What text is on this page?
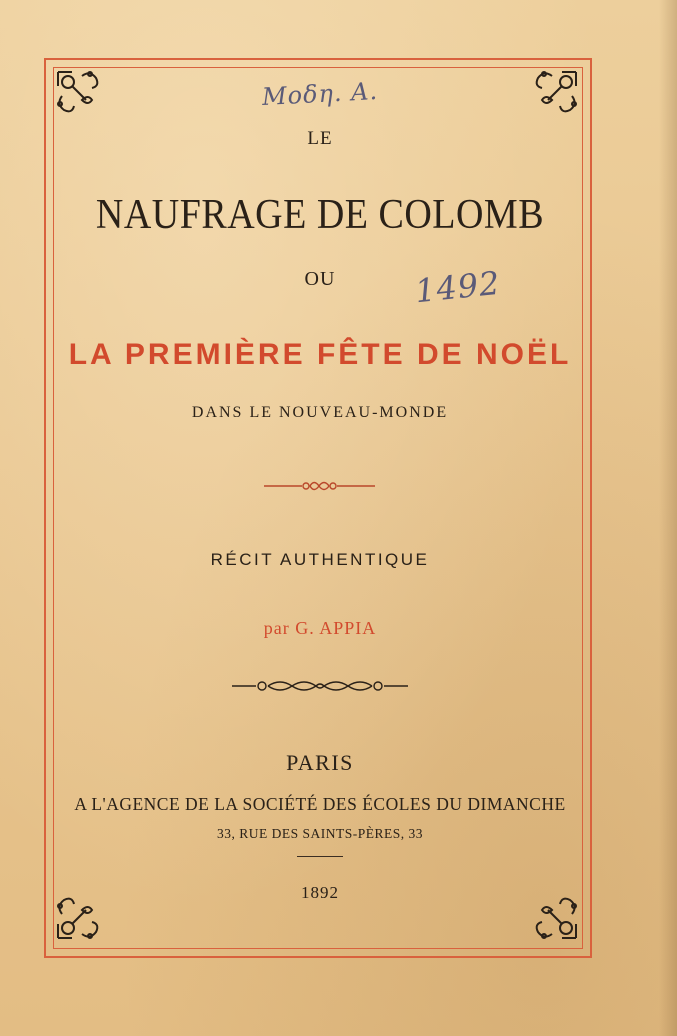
Μοδη. A.
1492
LE
NAUFRAGE DE COLOMB
OU
LA PREMIÈRE FÊTE DE NOËL
DANS LE NOUVEAU-MONDE
RÉCIT AUTHENTIQUE
par G. APPIA
PARIS
A L'AGENCE DE LA SOCIÉTÉ DES ÉCOLES DU DIMANCHE
33, RUE DES SAINTS-PÈRES, 33
1892
